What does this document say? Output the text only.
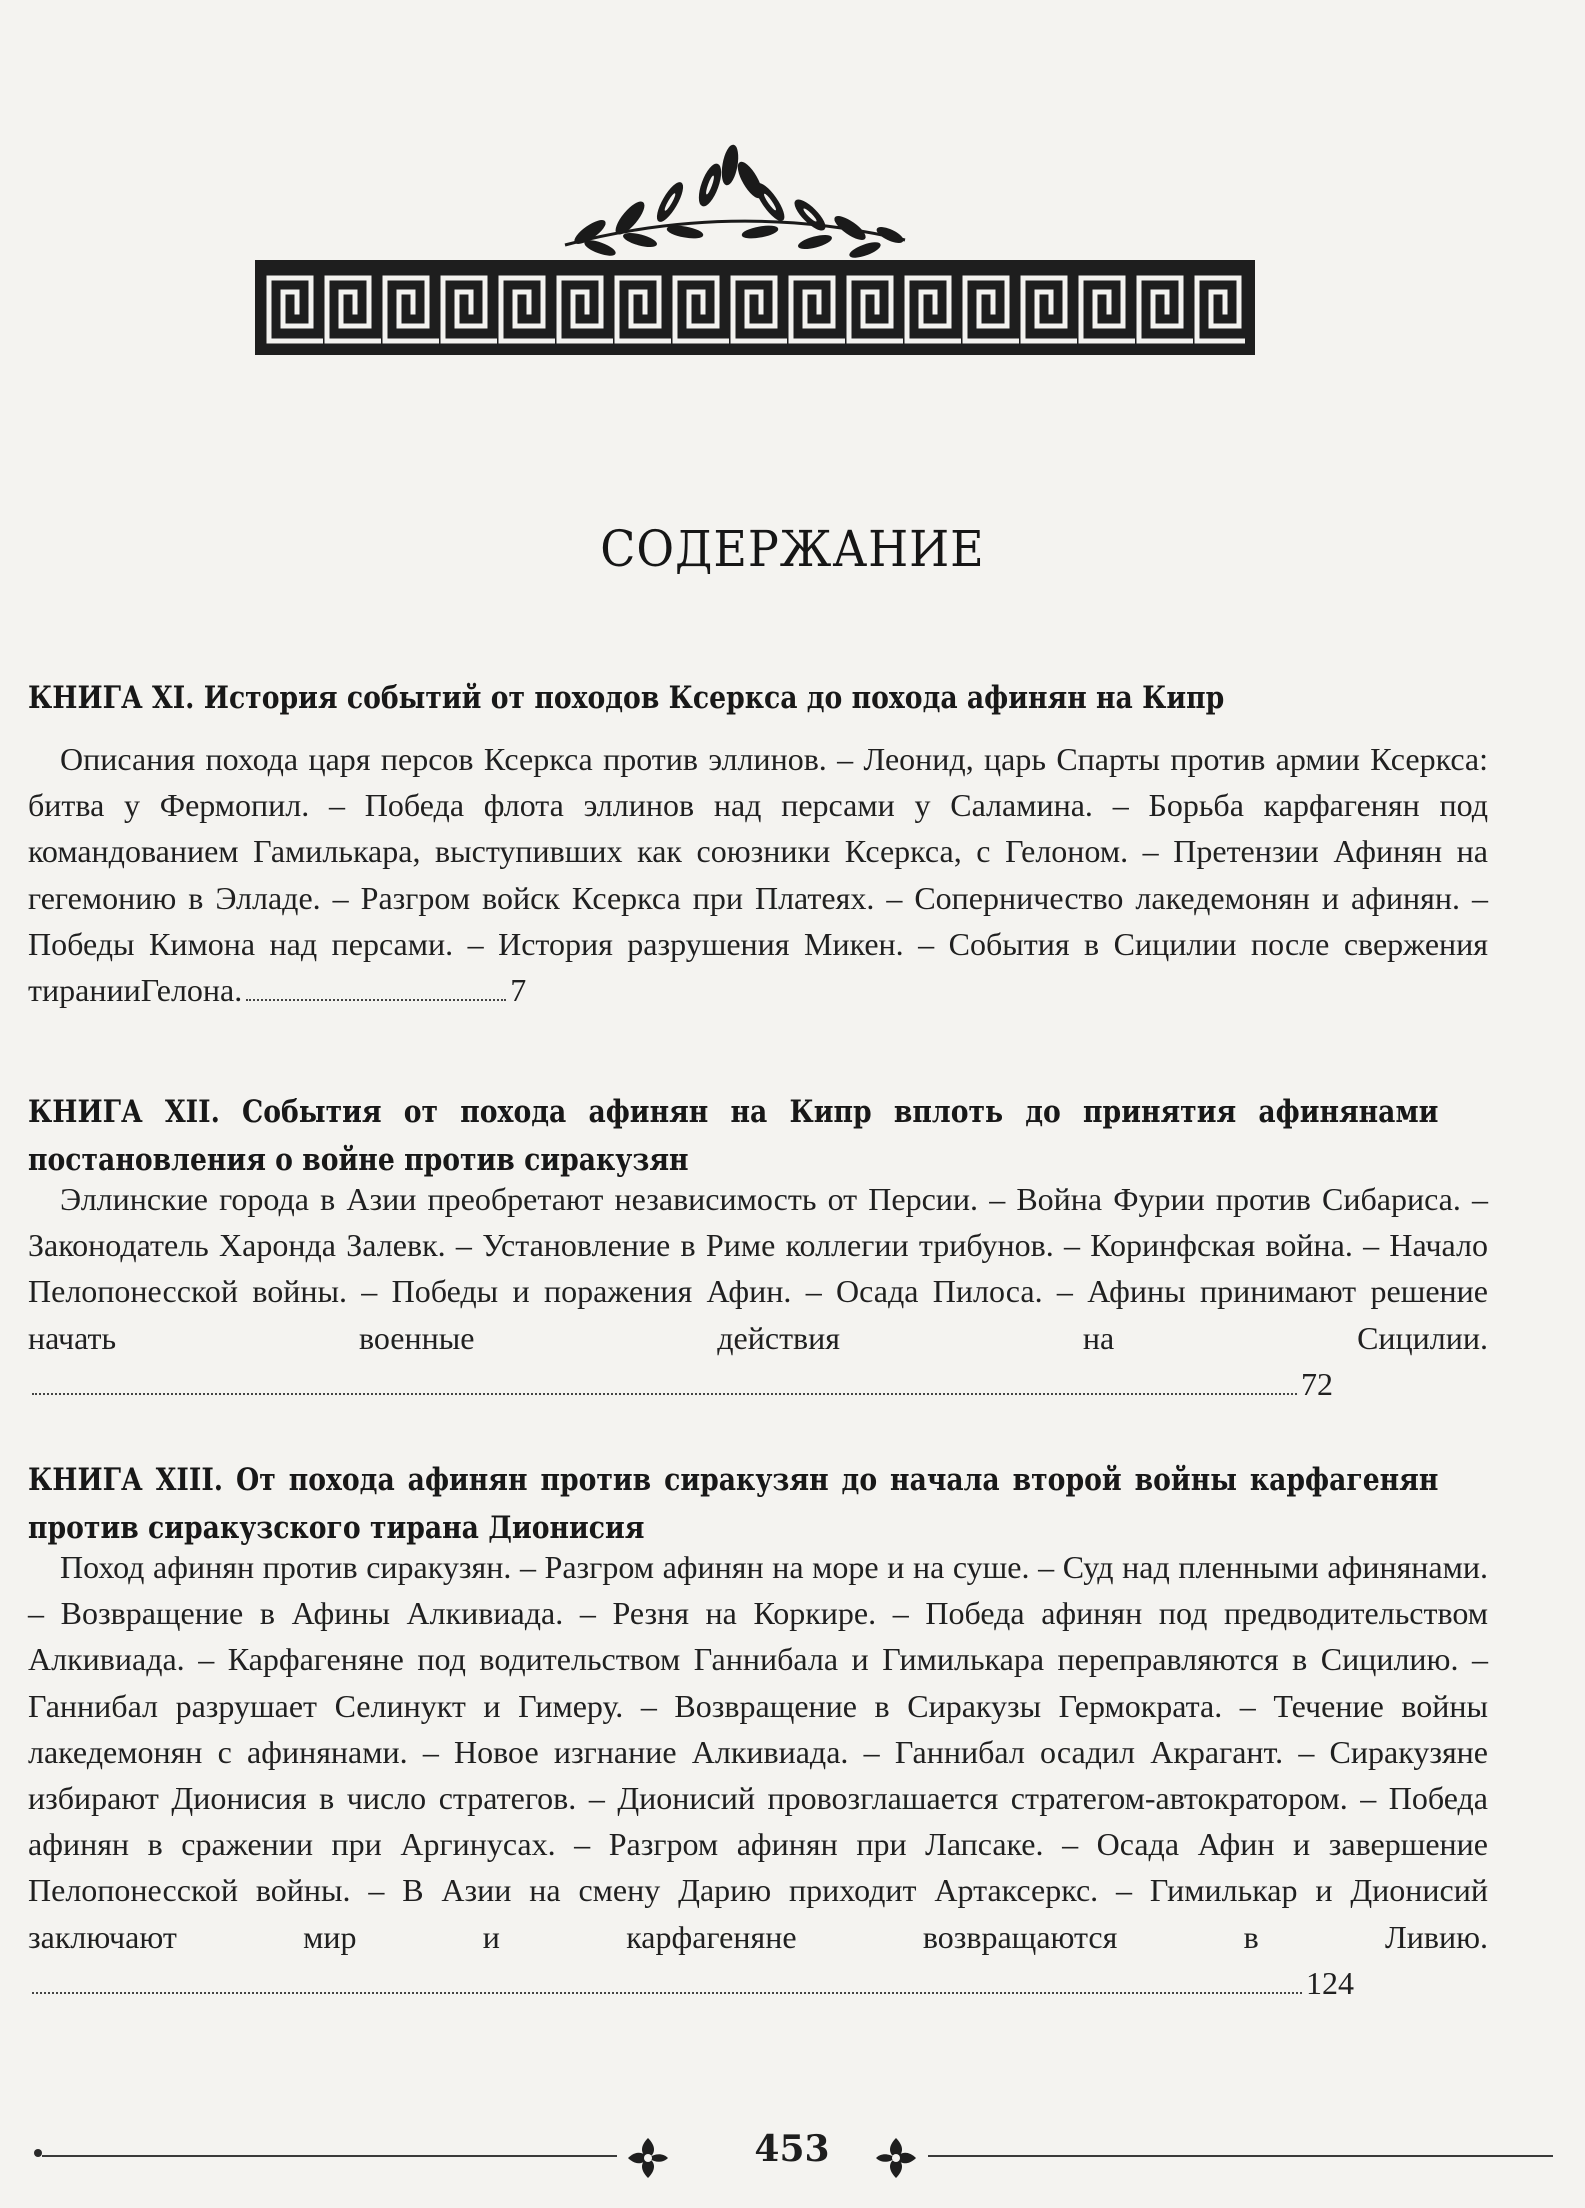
СОДЕРЖАНИЕ
КНИГА XI. История событий от походов Ксеркса до похода афинян на Кипр
Описания похода царя персов Ксеркса против эллинов. – Леонид, царь Спарты против армии Ксеркса: битва у Фермопил. – Победа флота эллинов над персами у Саламина. – Борьба карфагенян под командованием Гамилькара, выступивших как союзники Ксеркса, с Гелоном. – Претензии Афинян на гегемонию в Элладе. – Разгром войск Ксеркса при Платеях. – Соперничество лакедемонян и афинян. – Победы Кимона над персами. – История разрушения Микен. – События в Сицилии после свержения тиранииГелона.	7
КНИГА XII. События от похода афинян на Кипр вплоть до принятия афинянами постановления о войне против сиракузян
Эллинские города в Азии преобретают независимость от Персии. – Война Фурии против Сибариса. – Законодатель Харонда Залевк. – Установление в Риме коллегии трибунов. – Коринфская война. – Начало Пелопонесской войны. – Победы и поражения Афин. – Осада Пилоса. – Афины принимают решение начать военные действия на Сицилии.72
КНИГА XIII. От похода афинян против сиракузян до начала второй войны карфагенян против сиракузского тирана Дионисия
Поход афинян против сиракузян. – Разгром афинян на море и на суше. – Суд над пленными афинянами. – Возвращение в Афины Алкивиада. – Резня на Коркире. – Победа афинян под предводительством Алкивиада. – Карфагеняне под водительством Ганнибала и Гимилькара переправляются в Сицилию. – Ганнибал разрушает Селинукт и Гимеру. – Возвращение в Сиракузы Гермократа. – Течение войны лакедемонян с афинянами. – Новое изгнание Алкивиада. – Ганнибал осадил Акрагант. – Сиракузяне избирают Дионисия в число стратегов. – Дионисий провозглашается стратегом-автократором. – Победа афинян в сражении при Аргинусах. – Разгром афинян при Лапсаке. – Осада Афин и завершение Пелопонесской войны. – В Азии на смену Дарию приходит Артаксеркс. – Гимилькар и Дионисий заключают мир и карфагеняне возвращаются в Ливию.124
453
